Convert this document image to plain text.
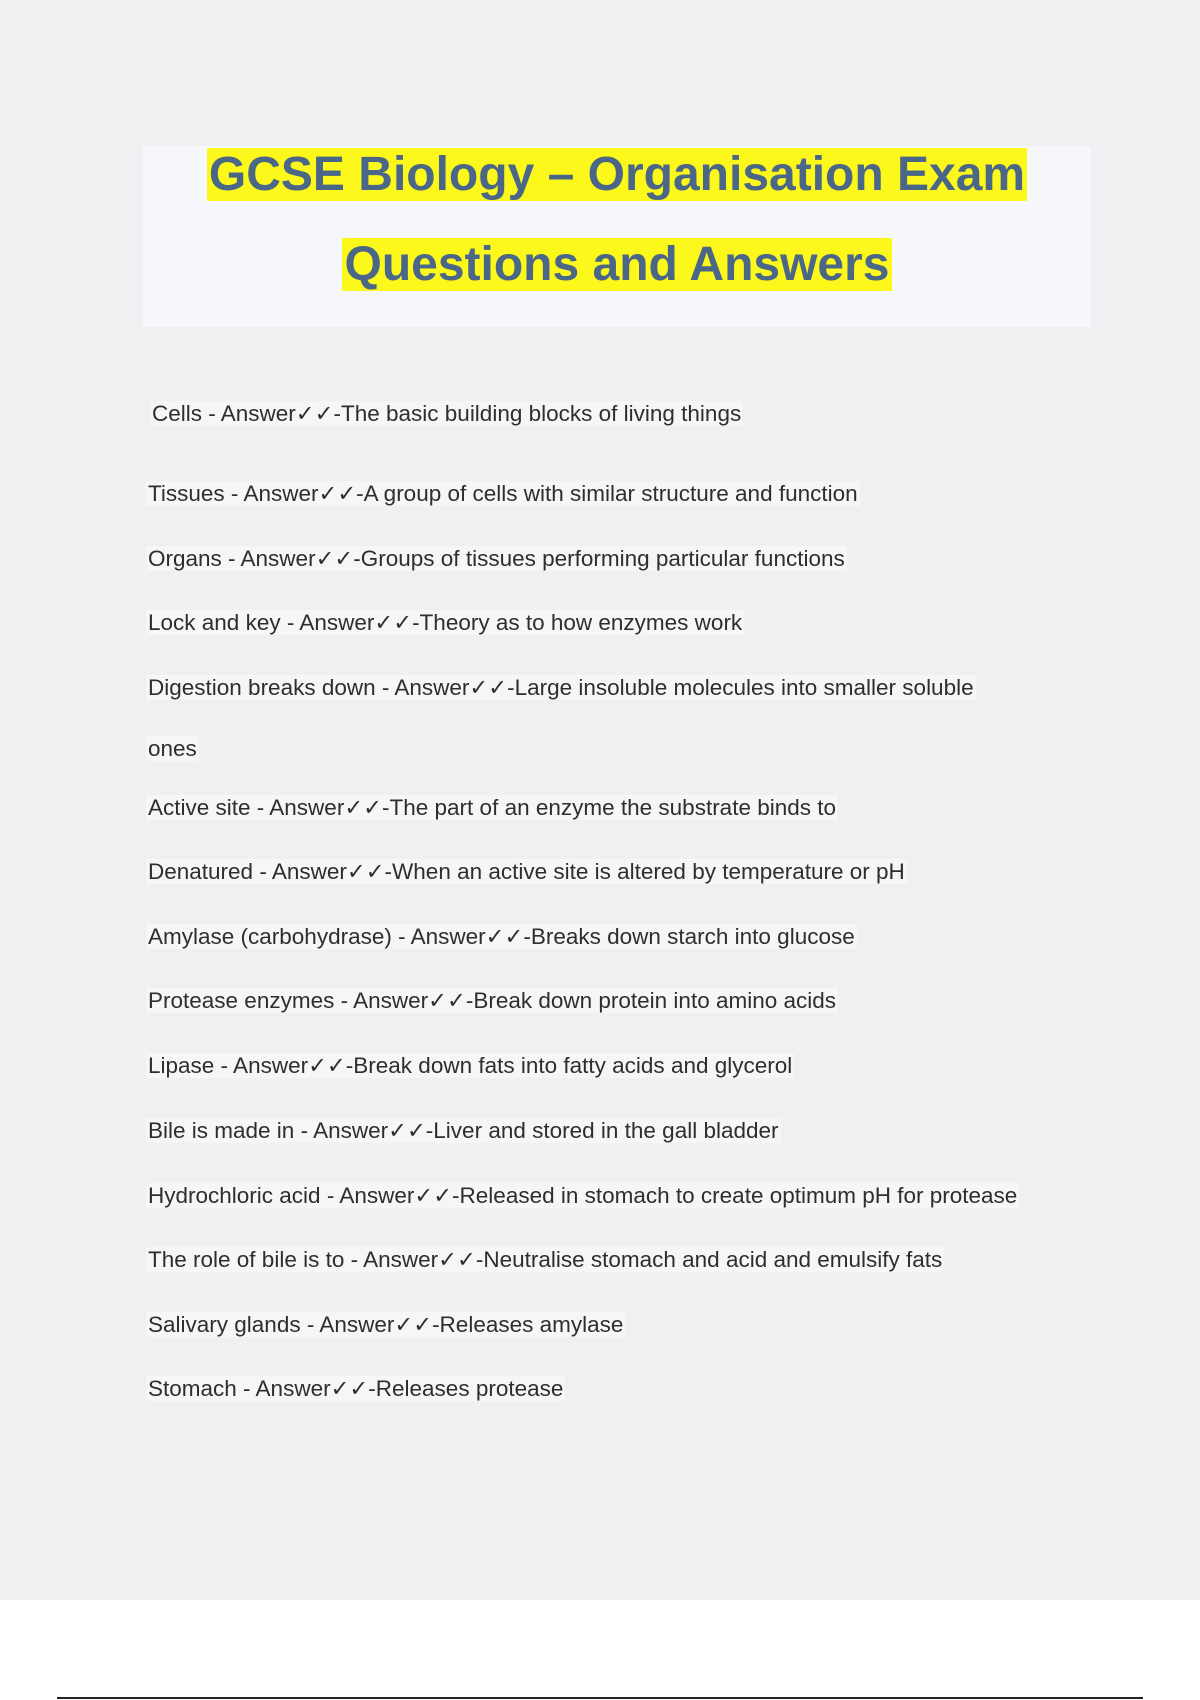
GCSE Biology – Organisation Exam
Questions and Answers
Cells - Answer✓✓-The basic building blocks of living things
Tissues - Answer✓✓-A group of cells with similar structure and function
Organs - Answer✓✓-Groups of tissues performing particular functions
Lock and key - Answer✓✓-Theory as to how enzymes work
Digestion breaks down - Answer✓✓-Large insoluble molecules into smaller soluble
ones
Active site - Answer✓✓-The part of an enzyme the substrate binds to
Denatured - Answer✓✓-When an active site is altered by temperature or pH
Amylase (carbohydrase) - Answer✓✓-Breaks down starch into glucose
Protease enzymes - Answer✓✓-Break down protein into amino acids
Lipase - Answer✓✓-Break down fats into fatty acids and glycerol
Bile is made in - Answer✓✓-Liver and stored in the gall bladder
Hydrochloric acid - Answer✓✓-Released in stomach to create optimum pH for protease
The role of bile is to - Answer✓✓-Neutralise stomach and acid and emulsify fats
Salivary glands - Answer✓✓-Releases amylase
Stomach - Answer✓✓-Releases protease
